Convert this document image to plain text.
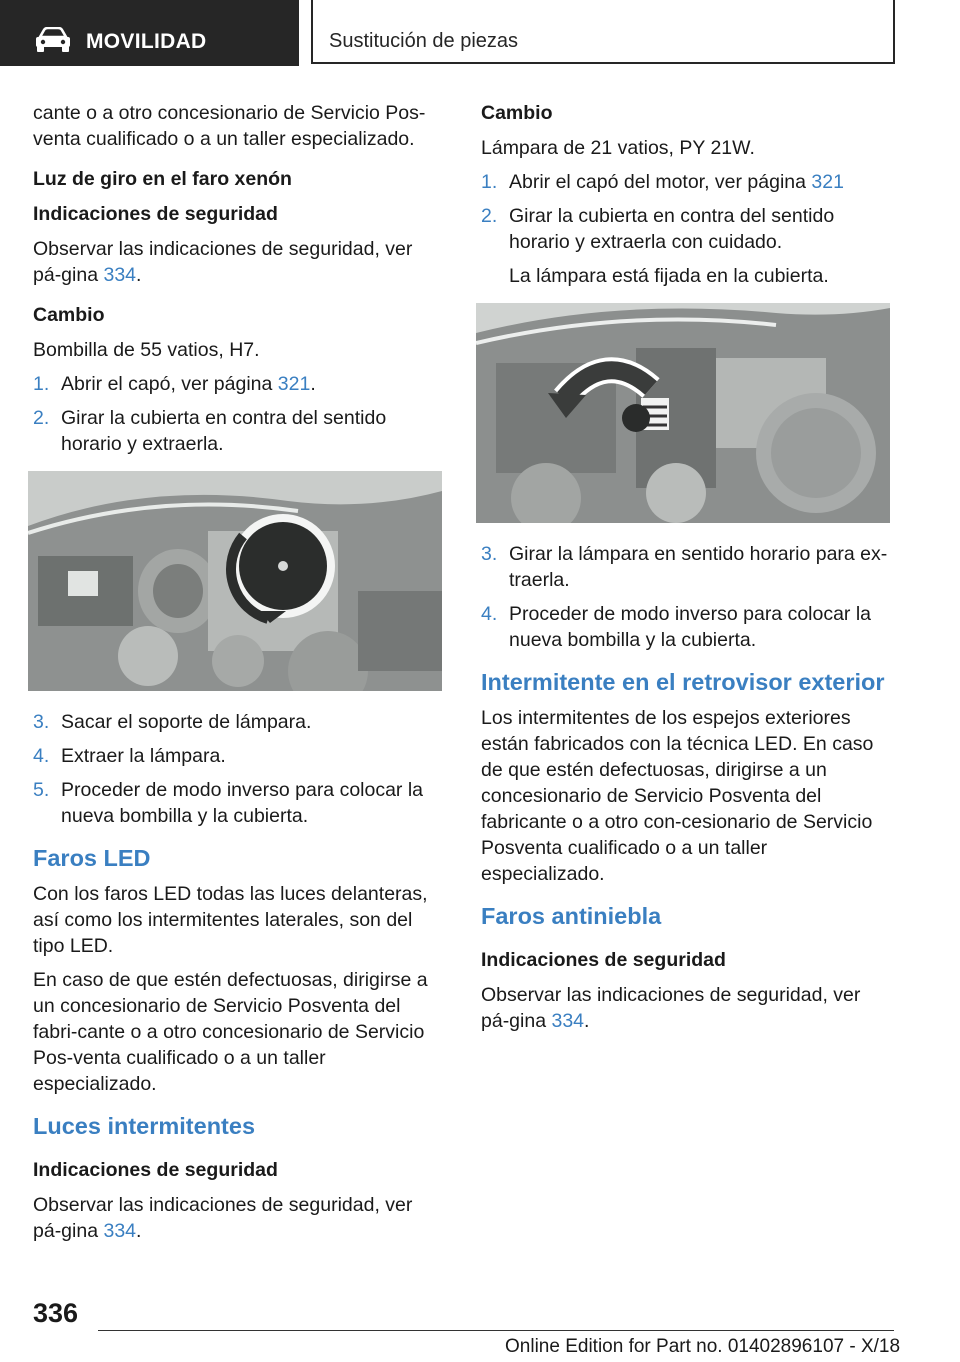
MOVILIDAD	Sustitución de piezas

cante o a otro concesionario de Servicio Pos-venta cualificado o a un taller especializado.

Luz de giro en el faro xenón
Indicaciones de seguridad

Observar las indicaciones de seguridad, ver pá-gina 334.

Cambio

Bombilla de 55 vatios, H7.

1. Abrir el capó, ver página 321.
2. Girar la cubierta en contra del sentido horario y extraerla.
3. Sacar el soporte de lámpara.
4. Extraer la lámpara.
5. Proceder de modo inverso para colocar la nueva bombilla y la cubierta.
Faros LED

Con los faros LED todas las luces delanteras, así como los intermitentes laterales, son del tipo LED.

En caso de que estén defectuosas, dirigirse a un concesionario de Servicio Posventa del fabri-cante o a otro concesionario de Servicio Pos-venta cualificado o a un taller especializado.

Luces intermitentes
Indicaciones de seguridad

Observar las indicaciones de seguridad, ver pá-gina 334.

Cambio

Lámpara de 21 vatios, PY 21W.

1. Abrir el capó del motor, ver página 321
2. Girar la cubierta en contra del sentido horario y extraerla con cuidado.

La lámpara está fijada en la cubierta.

3. Girar la lámpara en sentido horario para ex-traerla.
4. Proceder de modo inverso para colocar la nueva bombilla y la cubierta.
Intermitente en el retrovisor exterior

Los intermitentes de los espejos exteriores están fabricados con la técnica LED. En caso de que estén defectuosas, dirigirse a un concesionario de Servicio Posventa del fabricante o a otro con-cesionario de Servicio Posventa cualificado o a un taller especializado.

Faros antiniebla
Indicaciones de seguridad

Observar las indicaciones de seguridad, ver pá-gina 334.

336
Online Edition for Part no. 01402896107 - X/18
